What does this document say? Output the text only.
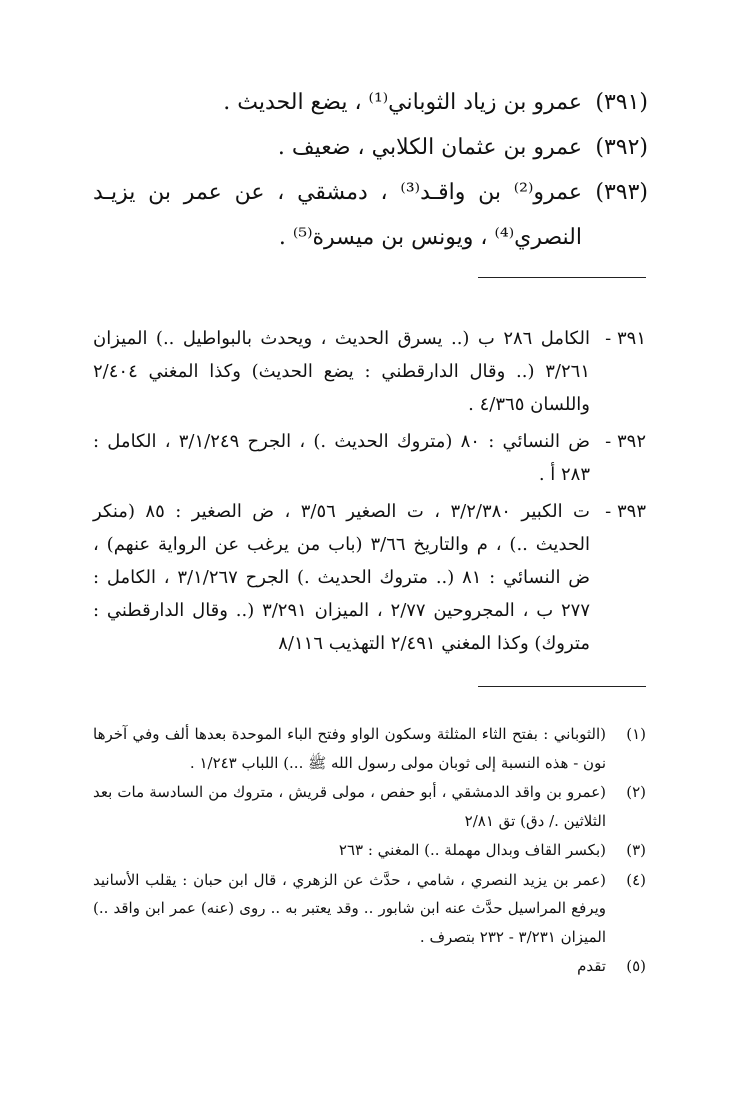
(٣٩١)
عمرو بن زياد الثوباني⁽¹⁾ ، يضع الحديث .
(٣٩٢)
عمرو بن عثمان الكلابي ، ضعيف .
(٣٩٣)
عمرو⁽²⁾ بن واقـد⁽³⁾ ، دمشقي ، عن عمر بن يزيـد النصري⁽⁴⁾ ، ويونس بن ميسرة⁽⁵⁾ .
٣٩١ -
الكامل ٢٨٦ ب (.. يسرق الحديث ، ويحدث بالبواطيل ..) الميزان ٣/٢٦١ (.. وقال الدارقطني : يضع الحديث) وكذا المغني ٢/٤٠٤ واللسان ٤/٣٦٥ .
٣٩٢ -
ض النسائي : ٨٠ (متروك الحديث .) ، الجرح ٣/١/٢٤٩ ، الكامل : ٢٨٣ أ .
٣٩٣ -
ت الكبير ٣/٢/٣٨٠ ، ت الصغير ٣/٥٦ ، ض الصغير : ٨٥ (منكر الحديث ..) ، م والتاريخ ٣/٦٦ (باب من يرغب عن الرواية عنهم) ، ض النسائي : ٨١ (.. متروك الحديث .) الجرح ٣/١/٢٦٧ ، الكامل : ٢٧٧ ب ، المجروحين ٢/٧٧ ، الميزان ٣/٢٩١ (.. وقال الدارقطني : متروك) وكذا المغني ٢/٤٩١ التهذيب ٨/١١٦
(١)
(الثوباني : بفتح الثاء المثلثة وسكون الواو وفتح الباء الموحدة بعدها ألف وفي آخرها نون - هذه النسبة إلى ثوبان مولى رسول الله ﷺ ...) اللباب ١/٢٤٣ .
(٢)
(عمرو بن واقد الدمشقي ، أبو حفص ، مولى قريش ، متروك من السادسة مات بعد الثلاثين ./ دق) تق ٢/٨١
(٣)
(بكسر القاف وبدال مهملة ..) المغني : ٢٦٣
(٤)
(عمر بن يزيد النصري ، شامي ، حدَّث عن الزهري ، قال ابن حبان : يقلب الأسانيد ويرفع المراسيل حدَّث عنه ابن شابور .. وقد يعتبر به .. روى (عنه) عمر ابن واقد ..) الميزان ٣/٢٣١ - ٢٣٢ بتصرف .
(٥)
تقدم
